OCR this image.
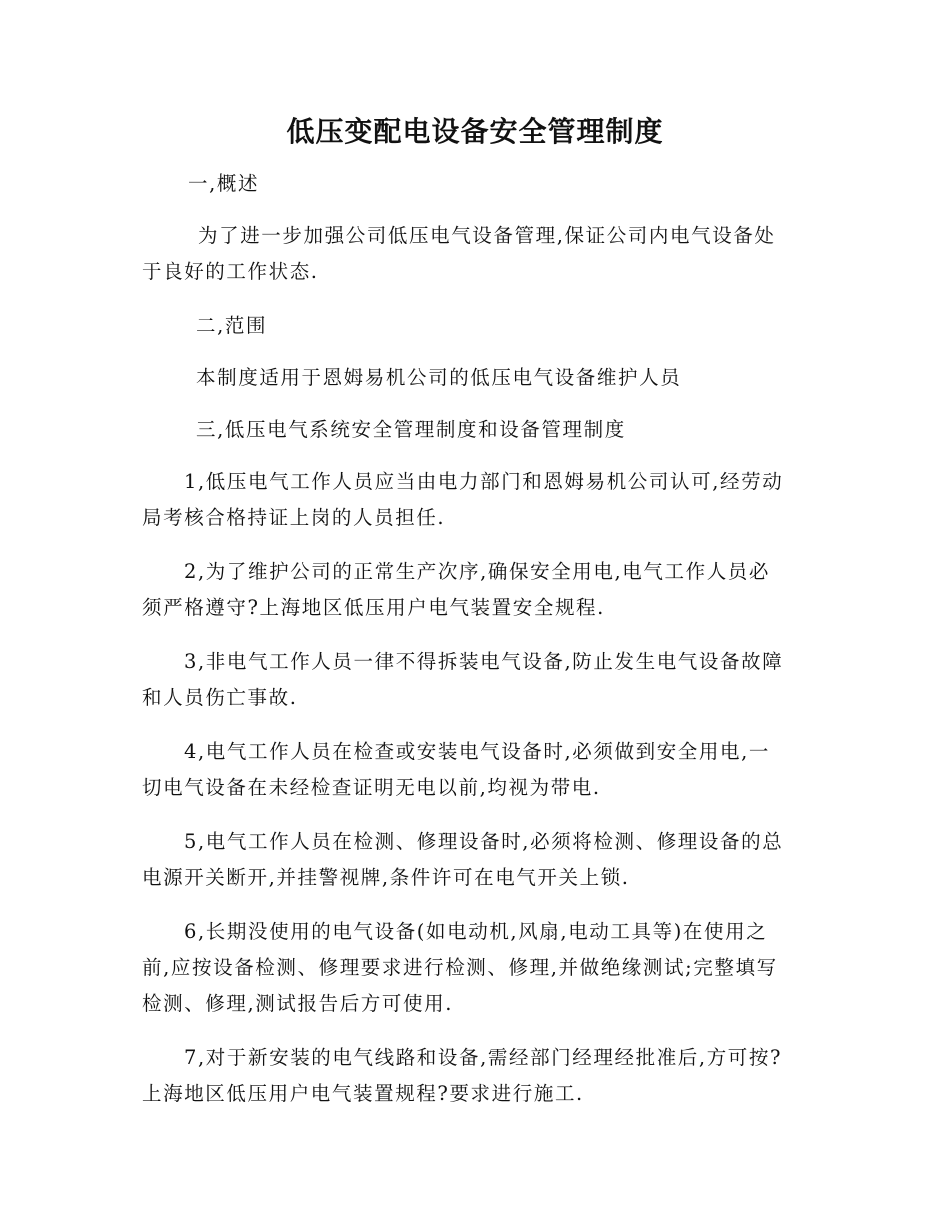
低压变配电设备安全管理制度
一,概述
为了进一步加强公司低压电气设备管理,保证公司内电气设备处
于良好的工作状态.
二,范围
本制度适用于恩姆易机公司的低压电气设备维护人员
三,低压电气系统安全管理制度和设备管理制度
1,低压电气工作人员应当由电力部门和恩姆易机公司认可,经劳动
局考核合格持证上岗的人员担任.
2,为了维护公司的正常生产次序,确保安全用电,电气工作人员必
须严格遵守?上海地区低压用户电气装置安全规程.
3,非电气工作人员一律不得拆装电气设备,防止发生电气设备故障
和人员伤亡事故.
4,电气工作人员在检查或安装电气设备时,必须做到安全用电,一
切电气设备在未经检查证明无电以前,均视为带电.
5,电气工作人员在检测、修理设备时,必须将检测、修理设备的总
电源开关断开,并挂警视牌,条件许可在电气开关上锁.
6,长期没使用的电气设备(如电动机,风扇,电动工具等)在使用之
前,应按设备检测、修理要求进行检测、修理,并做绝缘测试;完整填写
检测、修理,测试报告后方可使用.
7,对于新安装的电气线路和设备,需经部门经理经批准后,方可按?
上海地区低压用户电气装置规程?要求进行施工.
